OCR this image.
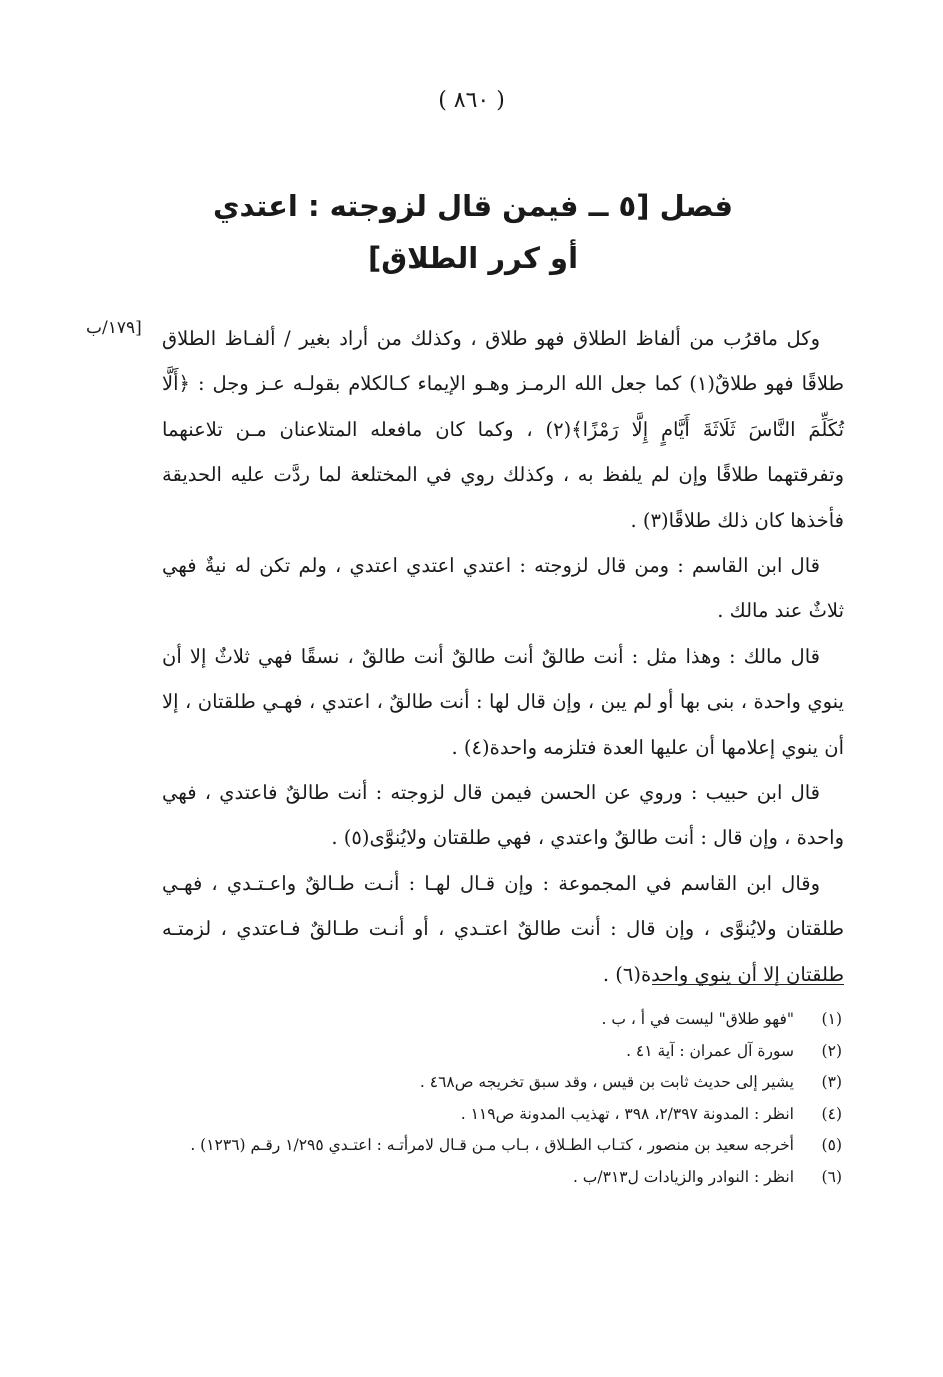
( ٨٦٠ )
فصل [٥ ــ فيمن قال لزوجته : اعتدي
أو كرر الطلاق]
[١٧٩/ب وكل ماقرُب من ألفاظ الطلاق فهو طلاق ، وكذلك من أراد بغير / ألفـاظ الطلاق طلاقًا فهو طلاقٌ(١) كما جعل الله الرمـز وهـو الإيماء كـالكلام بقولـه عـز وجل : ﴿أَلَّا تُكَلِّمَ النَّاسَ ثَلَاثَةَ أَيَّامٍ إِلَّا رَمْزًا﴾(٢) ، وكما كان مافعله المتلاعنان مـن تلاعنهما وتفرقتهما طلاقًا وإن لم يلفظ به ، وكذلك روي في المختلعة لما ردَّت عليه الحديقة فأخذها كان ذلك طلاقًا(٣) .

قال ابن القاسم : ومن قال لزوجته : اعتدي اعتدي اعتدي ، ولم تكن له نيةٌ فهي ثلاثٌ عند مالك .

قال مالك : وهذا مثل : أنت طالقٌ أنت طالقٌ أنت طالقٌ ، نسقًا فهي ثلاثٌ إلا أن ينوي واحدة ، بنى بها أو لم يبن ، وإن قال لها : أنت طالقٌ ، اعتدي ، فهـي طلقتان ، إلا أن ينوي إعلامها أن عليها العدة فتلزمه واحدة(٤) .

قال ابن حبيب : وروي عن الحسن فيمن قال لزوجته : أنت طالقٌ فاعتدي ، فهي واحدة ، وإن قال : أنت طالقٌ واعتدي ، فهي طلقتان ولايُنوَّى(٥) .

وقال ابن القاسم في المجموعة : وإن قـال لهـا : أنـت طـالقٌ واعـتـدي ، فهـي طلقتان ولايُنوَّى ، وإن قال : أنت طالقٌ اعتـدي ، أو أنـت طـالقٌ فـاعتدي ، لزمتـه طلقتان إلا أن ينوي واحدة(٦) .

(١)
"فهو طلاق" ليست في أ ، ب .
(٢)
سورة آل عمران : آية ٤١ .
(٣)
يشير إلى حديث ثابت بن قيس ، وقد سبق تخريجه ص٤٦٨ .
(٤)
انظر : المدونة ٢/٣٩٧، ٣٩٨ ، تهذيب المدونة ص١١٩ .
(٥)
أخرجه سعيد بن منصور ، كتـاب الطـلاق ، بـاب مـن قـال لامرأتـه : اعتـدي ١/٢٩٥ رقـم (١٢٣٦) .
(٦)
انظر : النوادر والزيادات ل٣١٣/ب .
